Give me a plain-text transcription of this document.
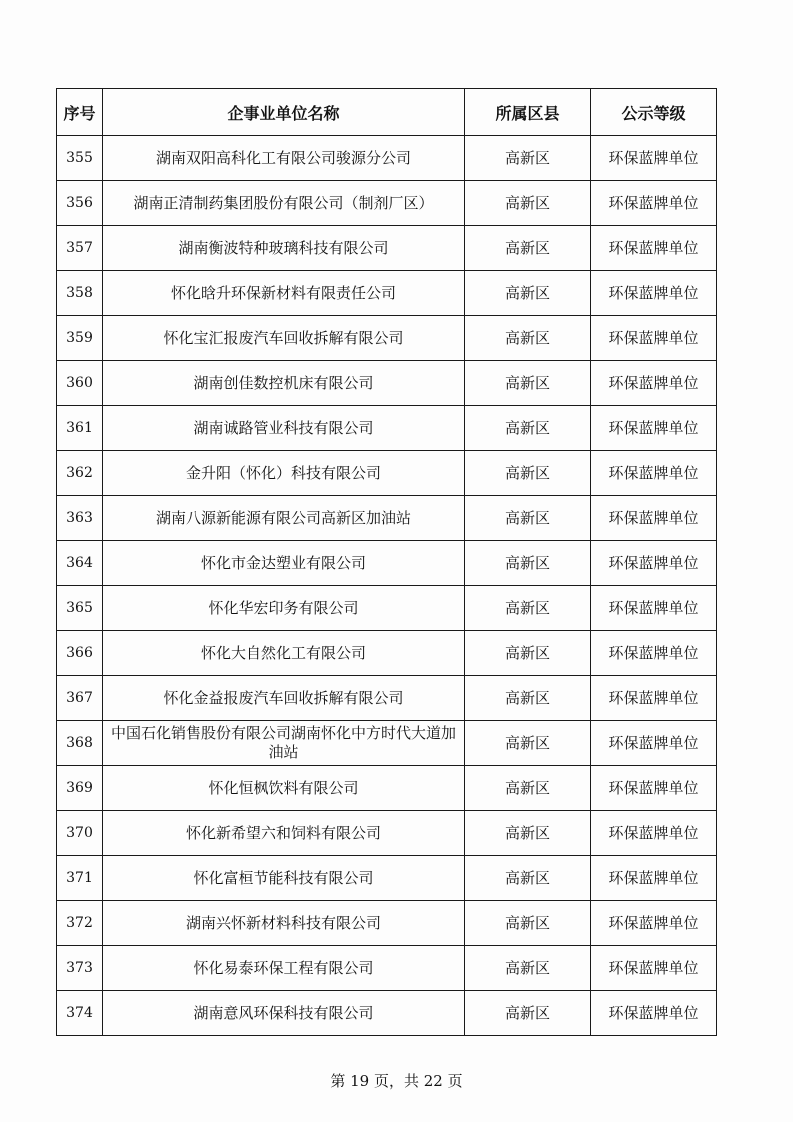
序号	企事业单位名称	所属区县	公示等级
355	湖南双阳高科化工有限公司骏源分公司	高新区	环保蓝牌单位
356	湖南正清制药集团股份有限公司（制剂厂区）	高新区	环保蓝牌单位
357	湖南衡波特种玻璃科技有限公司	高新区	环保蓝牌单位
358	怀化晗升环保新材料有限责任公司	高新区	环保蓝牌单位
359	怀化宝汇报废汽车回收拆解有限公司	高新区	环保蓝牌单位
360	湖南创佳数控机床有限公司	高新区	环保蓝牌单位
361	湖南诚路管业科技有限公司	高新区	环保蓝牌单位
362	金升阳（怀化）科技有限公司	高新区	环保蓝牌单位
363	湖南八源新能源有限公司高新区加油站	高新区	环保蓝牌单位
364	怀化市金达塑业有限公司	高新区	环保蓝牌单位
365	怀化华宏印务有限公司	高新区	环保蓝牌单位
366	怀化大自然化工有限公司	高新区	环保蓝牌单位
367	怀化金益报废汽车回收拆解有限公司	高新区	环保蓝牌单位
368	中国石化销售股份有限公司湖南怀化中方时代大道加油站	高新区	环保蓝牌单位
369	怀化恒枫饮料有限公司	高新区	环保蓝牌单位
370	怀化新希望六和饲料有限公司	高新区	环保蓝牌单位
371	怀化富桓节能科技有限公司	高新区	环保蓝牌单位
372	湖南兴怀新材料科技有限公司	高新区	环保蓝牌单位
373	怀化易泰环保工程有限公司	高新区	环保蓝牌单位
374	湖南意风环保科技有限公司	高新区	环保蓝牌单位
第 19 页，共 22 页
